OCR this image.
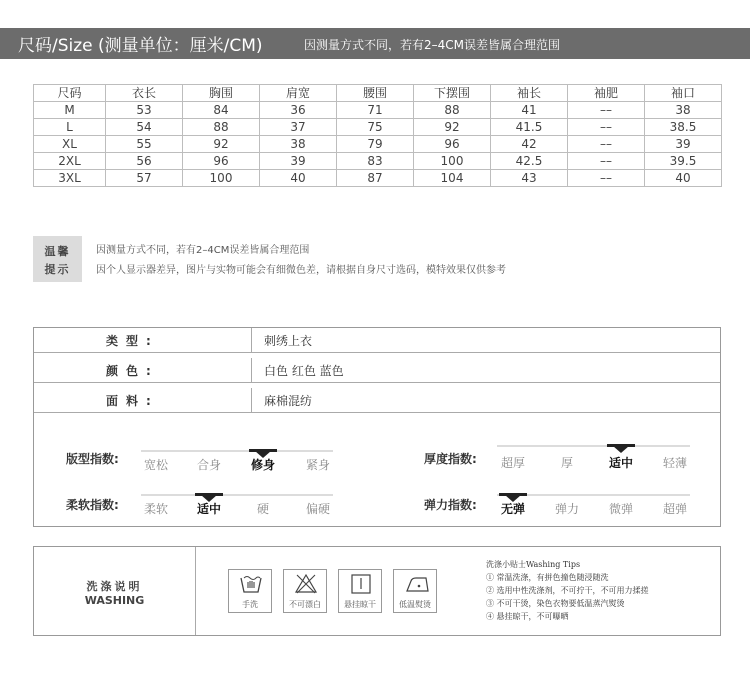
尺码/Size (测量单位：厘米/CM)	因测量方式不同，若有2–4CM误差皆属合理范围
尺码	衣长	胸围	肩宽	腰围	下摆围	袖长	袖肥	袖口
M	53	84	36	71	88	41	––	38
L	54	88	37	75	92	41.5	––	38.5
XL	55	92	38	79	96	42	––	39
2XL	56	96	39	83	100	42.5	––	39.5
3XL	57	100	40	87	104	43	––	40
温馨
提示
因测量方式不同，若有2–4CM误差皆属合理范围
因个人显示器差异，图片与实物可能会有细微色差，请根据自身尺寸选码，模特效果仅供参考
类型:	刺绣上衣
颜色:	白色 红色 蓝色
面料:	麻棉混纺
版型指数: 宽松 合身 修身	紧身
柔软指数: 柔软 适中	硬	偏硬
厚度指数: 超厚	厚	适中 轻薄
弹力指数: 无弹 弹力 微弹 超弹
洗涤说明
WASHING	手洗	不可漂白	悬挂晾干	低温熨烫
洗涤小贴士Washing Tips
① 常温洗涤，有拼色撞色随浸随洗
② 选用中性洗涤剂，不可拧干，不可用力揉搓
③ 不可干烫，染色衣物要低温蒸汽熨烫
④ 悬挂晾干，不可曝晒
